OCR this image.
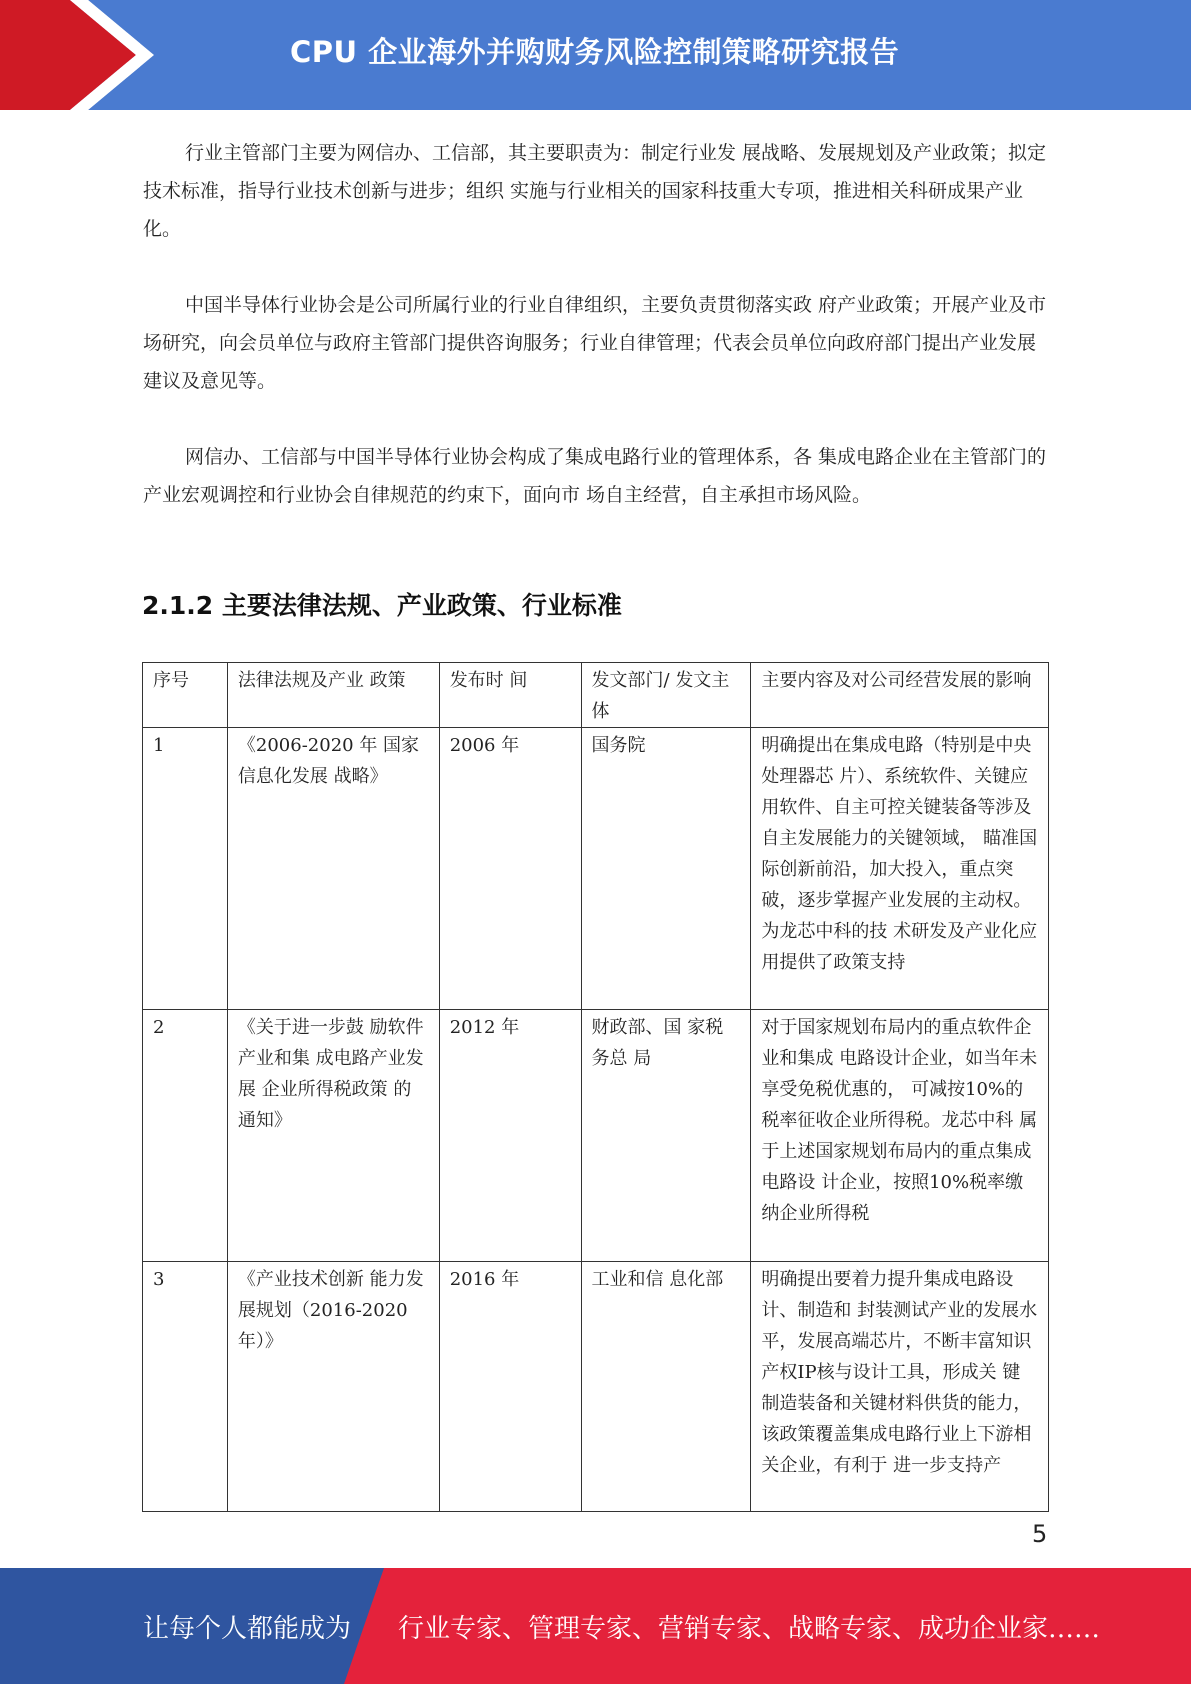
CPU 企业海外并购财务风险控制策略研究报告

行业主管部门主要为网信办、工信部，其主要职责为：制定行业发 展战略、发展规划及产业政策；拟定技术标准，指导行业技术创新与进步；组织 实施与行业相关的国家科技重大专项，推进相关科研成果产业化。

中国半导体行业协会是公司所属行业的行业自律组织，主要负责贯彻落实政 府产业政策；开展产业及市场研究，向会员单位与政府主管部门提供咨询服务；行业自律管理；代表会员单位向政府部门提出产业发展建议及意见等。

网信办、工信部与中国半导体行业协会构成了集成电路行业的管理体系，各 集成电路企业在主管部门的产业宏观调控和行业协会自律规范的约束下，面向市 场自主经营，自主承担市场风险。

2.1.2 主要法律法规、产业政策、行业标准
序号	法律法规及产业 政策	发布时 间	发文部门/ 发文主体	主要内容及对公司经营发展的影响
1	《2006-2020 年 国家信息化发展 战略》	2006 年	国务院	明确提出在集成电路（特别是中央处理器芯 片）、系统软件、关键应用软件、自主可控关键装备等涉及自主发展能力的关键领域， 瞄准国际创新前沿，加大投入，重点突破，逐步掌握产业发展的主动权。为龙芯中科的技 术研发及产业化应用提供了政策支持
2	《关于进一步鼓 励软件产业和集 成电路产业发展 企业所得税政策 的通知》	2012 年	财政部、国 家税务总 局	对于国家规划布局内的重点软件企业和集成 电路设计企业，如当年未享受免税优惠的， 可减按10%的税率征收企业所得税。龙芯中科 属于上述国家规划布局内的重点集成电路设 计企业，按照10%税率缴纳企业所得税
3	《产业技术创新 能力发展规划（2016-2020年）》	2016 年	工业和信 息化部	明确提出要着力提升集成电路设计、制造和 封装测试产业的发展水平，发展高端芯片，不断丰富知识产权IP核与设计工具，形成关 键制造装备和关键材料供货的能力，该政策覆盖集成电路行业上下游相关企业，有利于 进一步支持产
5
让每个人都能成为 行业专家、管理专家、营销专家、战略专家、成功企业家……
